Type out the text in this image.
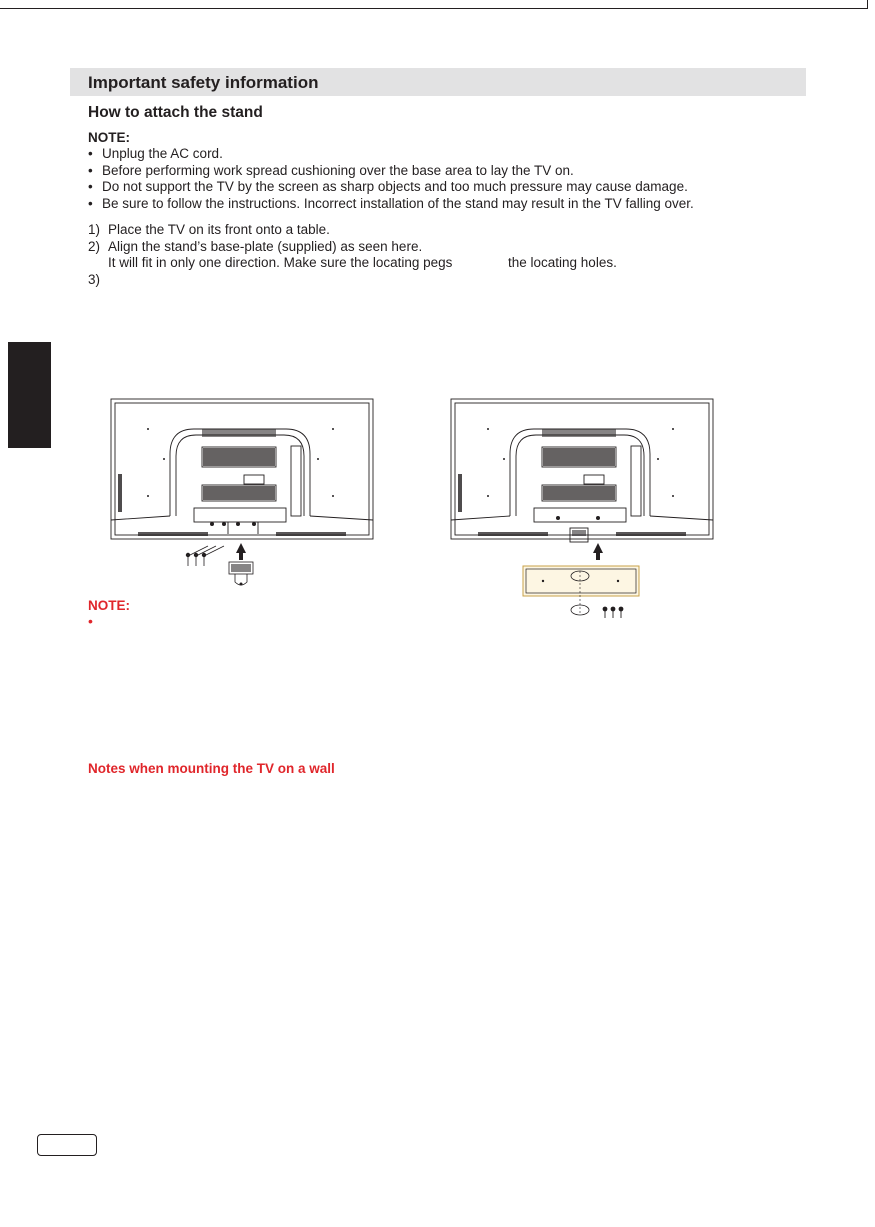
Important safety information
How to attach the stand
NOTE:
• Unplug the AC cord.
• Before performing work spread cushioning over the base area to lay the TV on.
• Do not support the TV by the screen as sharp objects and too much pressure may cause damage.
• Be sure to follow the instructions. Incorrect installation of the stand may result in the TV falling over.
1) Place the TV on its front onto a table.
2) Align the stand’s base-plate (supplied) as seen here.
It will fit in only one direction. Make sure the locating pegs	the locating holes.
3)
NOTE:
•
Notes when mounting the TV on a wall
